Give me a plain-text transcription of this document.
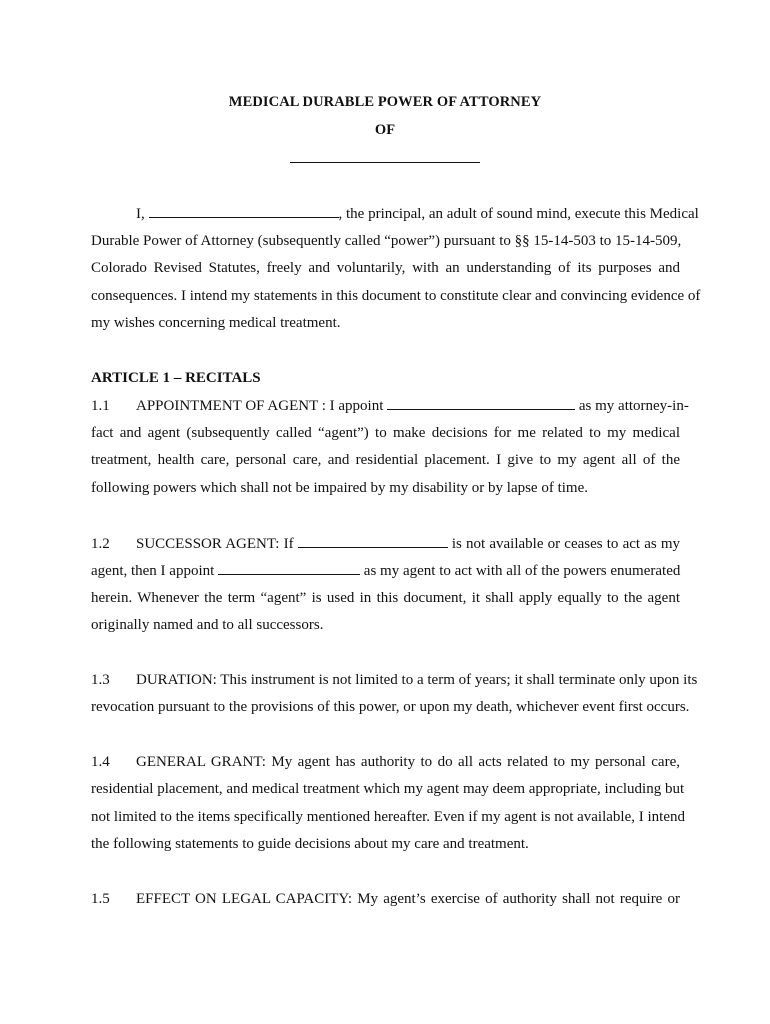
MEDICAL DURABLE POWER OF ATTORNEY
OF
I,	, the principal, an adult of sound mind, execute this Medical
Durable Power of Attorney (subsequently called “power”) pursuant to §§ 15-14-503 to 15-14-509,
Colorado Revised Statutes, freely and voluntarily, with an understanding of its purposes and
consequences. I intend my statements in this document to constitute clear and convincing evidence of
my wishes concerning medical treatment.
ARTICLE 1 – RECITALS
1.1 APPOINTMENT OF AGENT : I appoint	as my attorney-in-
fact and agent (subsequently called “agent”) to make decisions for me related to my medical
treatment, health care, personal care, and residential placement. I give to my agent all of the
following powers which shall not be impaired by my disability or by lapse of time.
1.2 SUCCESSOR AGENT: If	is not available or ceases to act as my
agent, then I appoint	as my agent to act with all of the powers enumerated
herein. Whenever the term “agent” is used in this document, it shall apply equally to the agent
originally named and to all successors.
1.3 DURATION: This instrument is not limited to a term of years; it shall terminate only upon its
revocation pursuant to the provisions of this power, or upon my death, whichever event first occurs.
1.4 GENERAL GRANT: My agent has authority to do all acts related to my personal care,
residential placement, and medical treatment which my agent may deem appropriate, including but
not limited to the items specifically mentioned hereafter. Even if my agent is not available, I intend
the following statements to guide decisions about my care and treatment.
1.5 EFFECT ON LEGAL CAPACITY: My agent’s exercise of authority shall not require or
